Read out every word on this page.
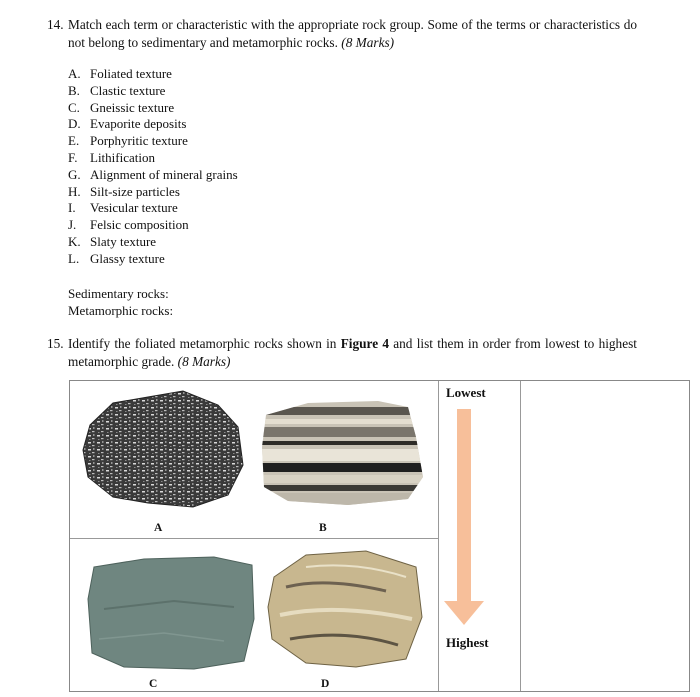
14. Match each term or characteristic with the appropriate rock group. Some of the terms or characteristics do not belong to sedimentary and metamorphic rocks. (8 Marks)
A. Foliated texture
B. Clastic texture
C. Gneissic texture
D. Evaporite deposits
E. Porphyritic texture
F. Lithification
G. Alignment of mineral grains
H. Silt-size particles
I.	Vesicular texture
J.	Felsic composition
K. Slaty texture
L. Glassy texture
Sedimentary rocks:
Metamorphic rocks:
15. Identify the foliated metamorphic rocks shown in Figure 4 and list them in order from lowest to highest metamorphic grade. (8 Marks)
A	B
C	D
Lowest
Highest
